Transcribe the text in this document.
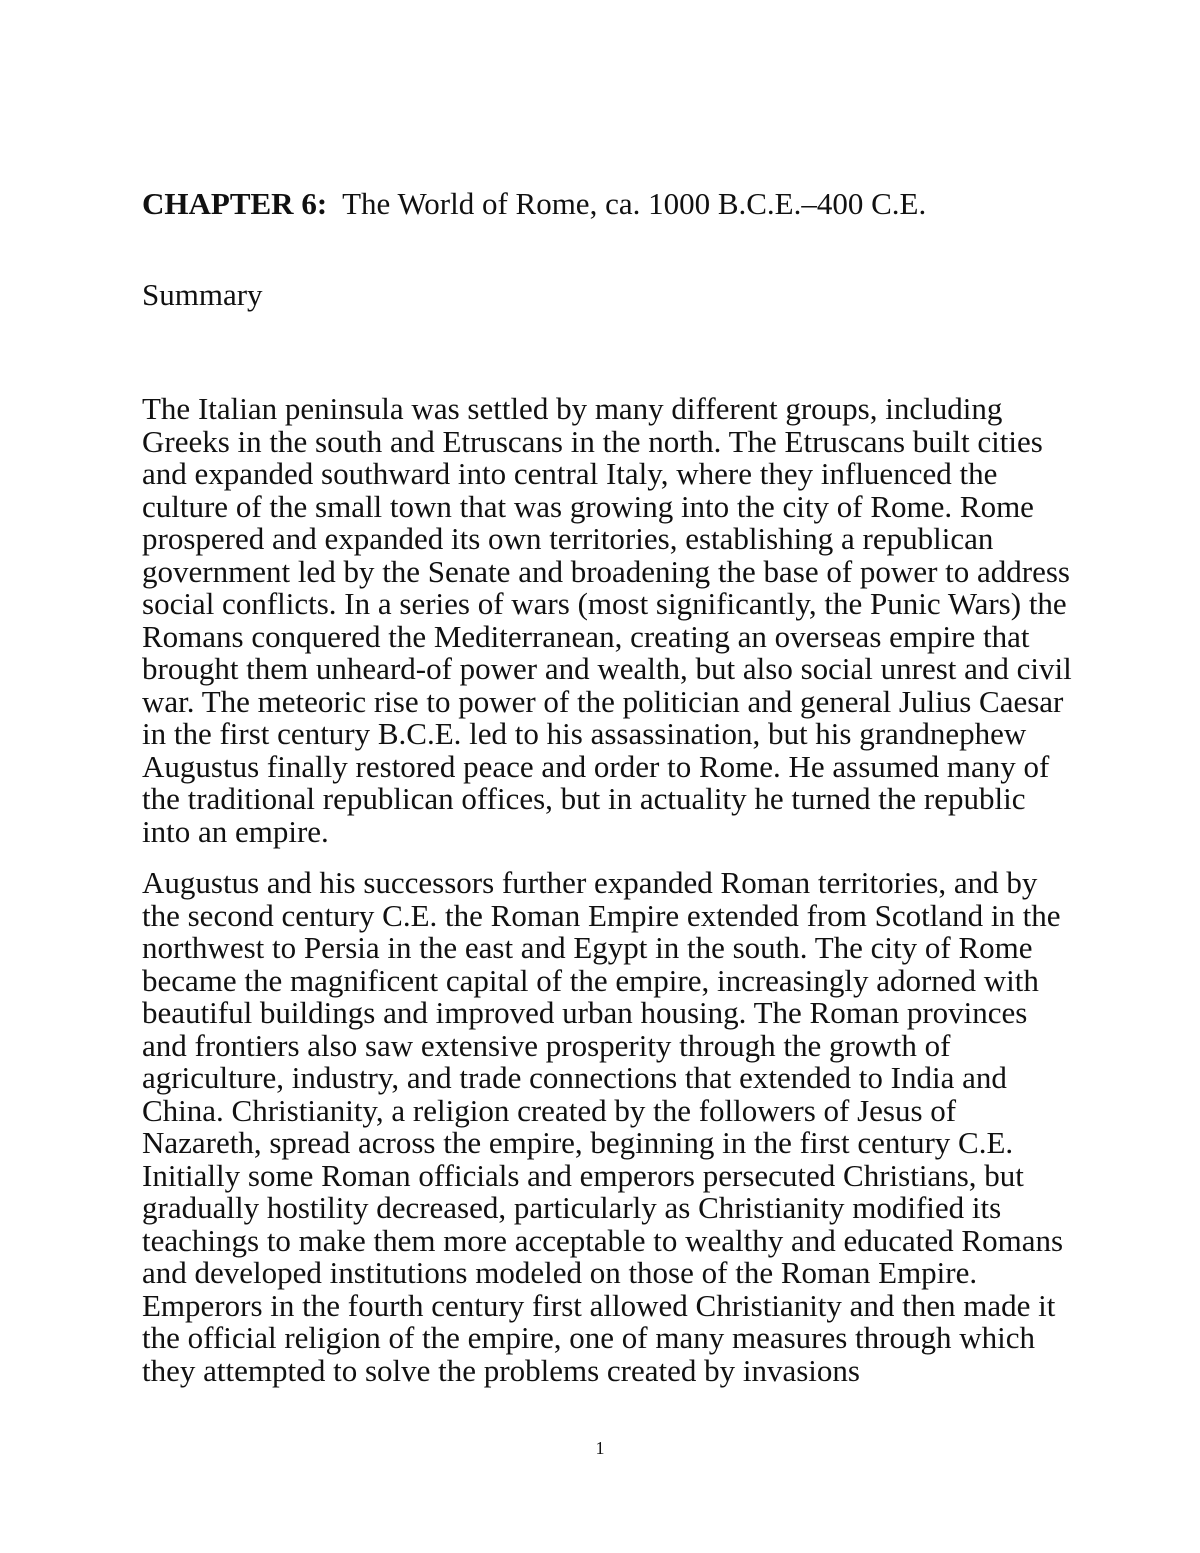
CHAPTER 6: The World of Rome, ca. 1000 B.C.E.–400 C.E.
Summary

The Italian peninsula was settled by many different groups, including Greeks in the south and Etruscans in the north. The Etruscans built cities and expanded southward into central Italy, where they influenced the culture of the small town that was growing into the city of Rome. Rome prospered and expanded its own territories, establishing a republican government led by the Senate and broadening the base of power to address social conflicts. In a series of wars (most significantly, the Punic Wars) the Romans conquered the Mediterranean, creating an overseas empire that brought them unheard-of power and wealth, but also social unrest and civil war. The meteoric rise to power of the politician and general Julius Caesar in the first century B.C.E. led to his assassination, but his grandnephew Augustus finally restored peace and order to Rome. He assumed many of the traditional republican offices, but in actuality he turned the republic into an empire.

Augustus and his successors further expanded Roman territories, and by the second century C.E. the Roman Empire extended from Scotland in the northwest to Persia in the east and Egypt in the south. The city of Rome became the magnificent capital of the empire, increasingly adorned with beautiful buildings and improved urban housing. The Roman provinces and frontiers also saw extensive prosperity through the growth of agriculture, industry, and trade connections that extended to India and China. Christianity, a religion created by the followers of Jesus of Nazareth, spread across the empire, beginning in the first century C.E. Initially some Roman officials and emperors persecuted Christians, but gradually hostility decreased, particularly as Christianity modified its teachings to make them more acceptable to wealthy and educated Romans and developed institutions modeled on those of the Roman Empire. Emperors in the fourth century first allowed Christianity and then made it the official religion of the empire, one of many measures through which they attempted to solve the problems created by invasions

1
